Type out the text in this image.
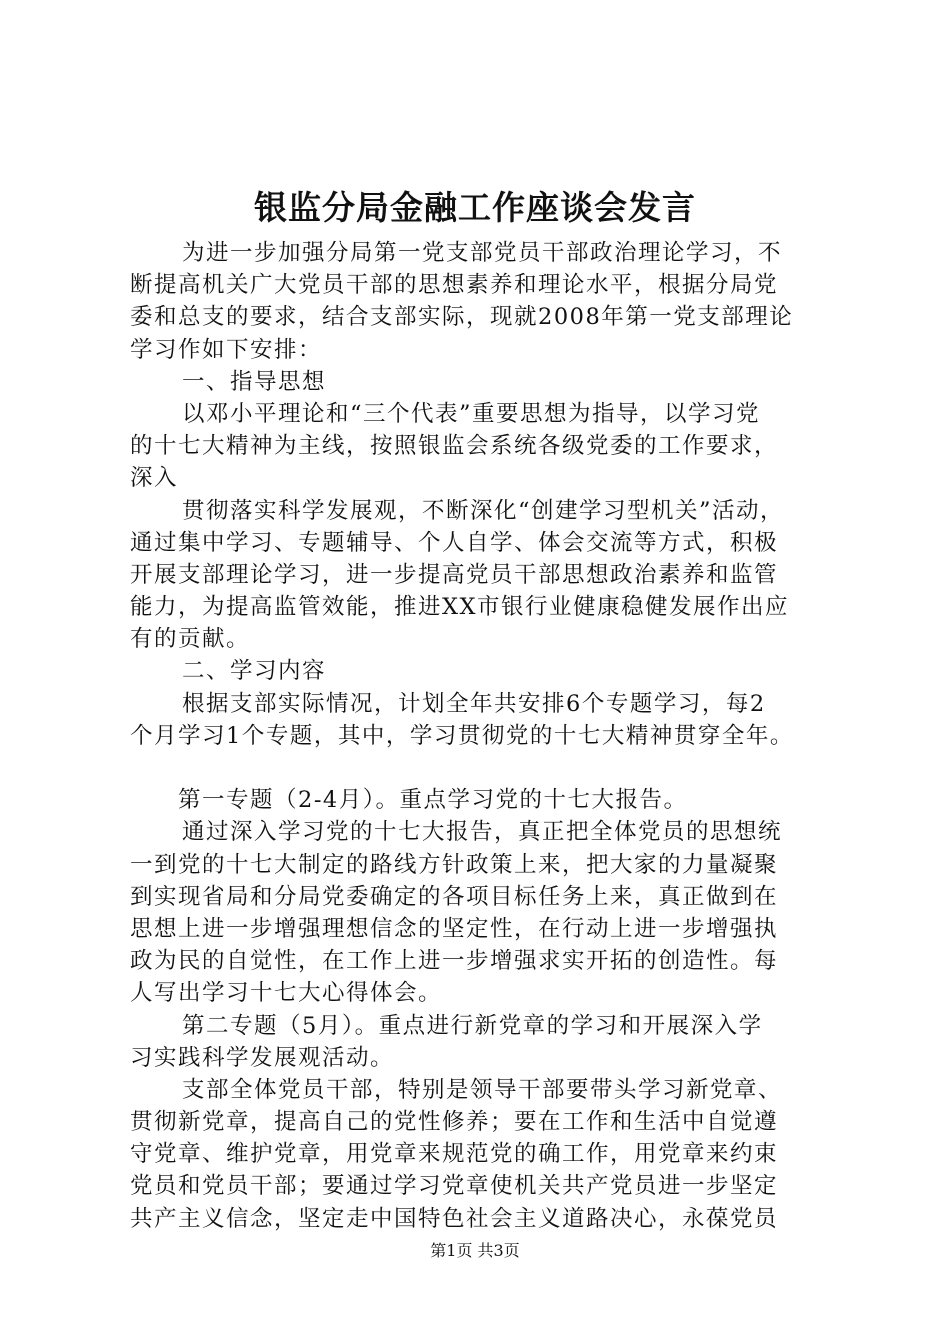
银监分局金融工作座谈会发言
为进一步加强分局第一党支部党员干部政治理论学习，不
断提高机关广大党员干部的思想素养和理论水平，根据分局党
委和总支的要求，结合支部实际，现就2008年第一党支部理论
学习作如下安排：
一、指导思想
以邓小平理论和“三个代表”重要思想为指导，以学习党
的十七大精神为主线，按照银监会系统各级党委的工作要求，
深入
贯彻落实科学发展观，不断深化“创建学习型机关”活动，
通过集中学习、专题辅导、个人自学、体会交流等方式，积极
开展支部理论学习，进一步提高党员干部思想政治素养和监管
能力，为提高监管效能，推进XX市银行业健康稳健发展作出应
有的贡献。
二、学习内容
根据支部实际情况，计划全年共安排6个专题学习，每2
个月学习1个专题，其中，学习贯彻党的十七大精神贯穿全年。
第一专题（2-4月）。重点学习党的十七大报告。
通过深入学习党的十七大报告，真正把全体党员的思想统
一到党的十七大制定的路线方针政策上来，把大家的力量凝聚
到实现省局和分局党委确定的各项目标任务上来，真正做到在
思想上进一步增强理想信念的坚定性，在行动上进一步增强执
政为民的自觉性，在工作上进一步增强求实开拓的创造性。每
人写出学习十七大心得体会。
第二专题（5月）。重点进行新党章的学习和开展深入学
习实践科学发展观活动。
支部全体党员干部，特别是领导干部要带头学习新党章、
贯彻新党章，提高自己的党性修养；要在工作和生活中自觉遵
守党章、维护党章，用党章来规范党的确工作，用党章来约束
党员和党员干部；要通过学习党章使机关共产党员进一步坚定
共产主义信念，坚定走中国特色社会主义道路决心，永葆党员
第1页 共3页
